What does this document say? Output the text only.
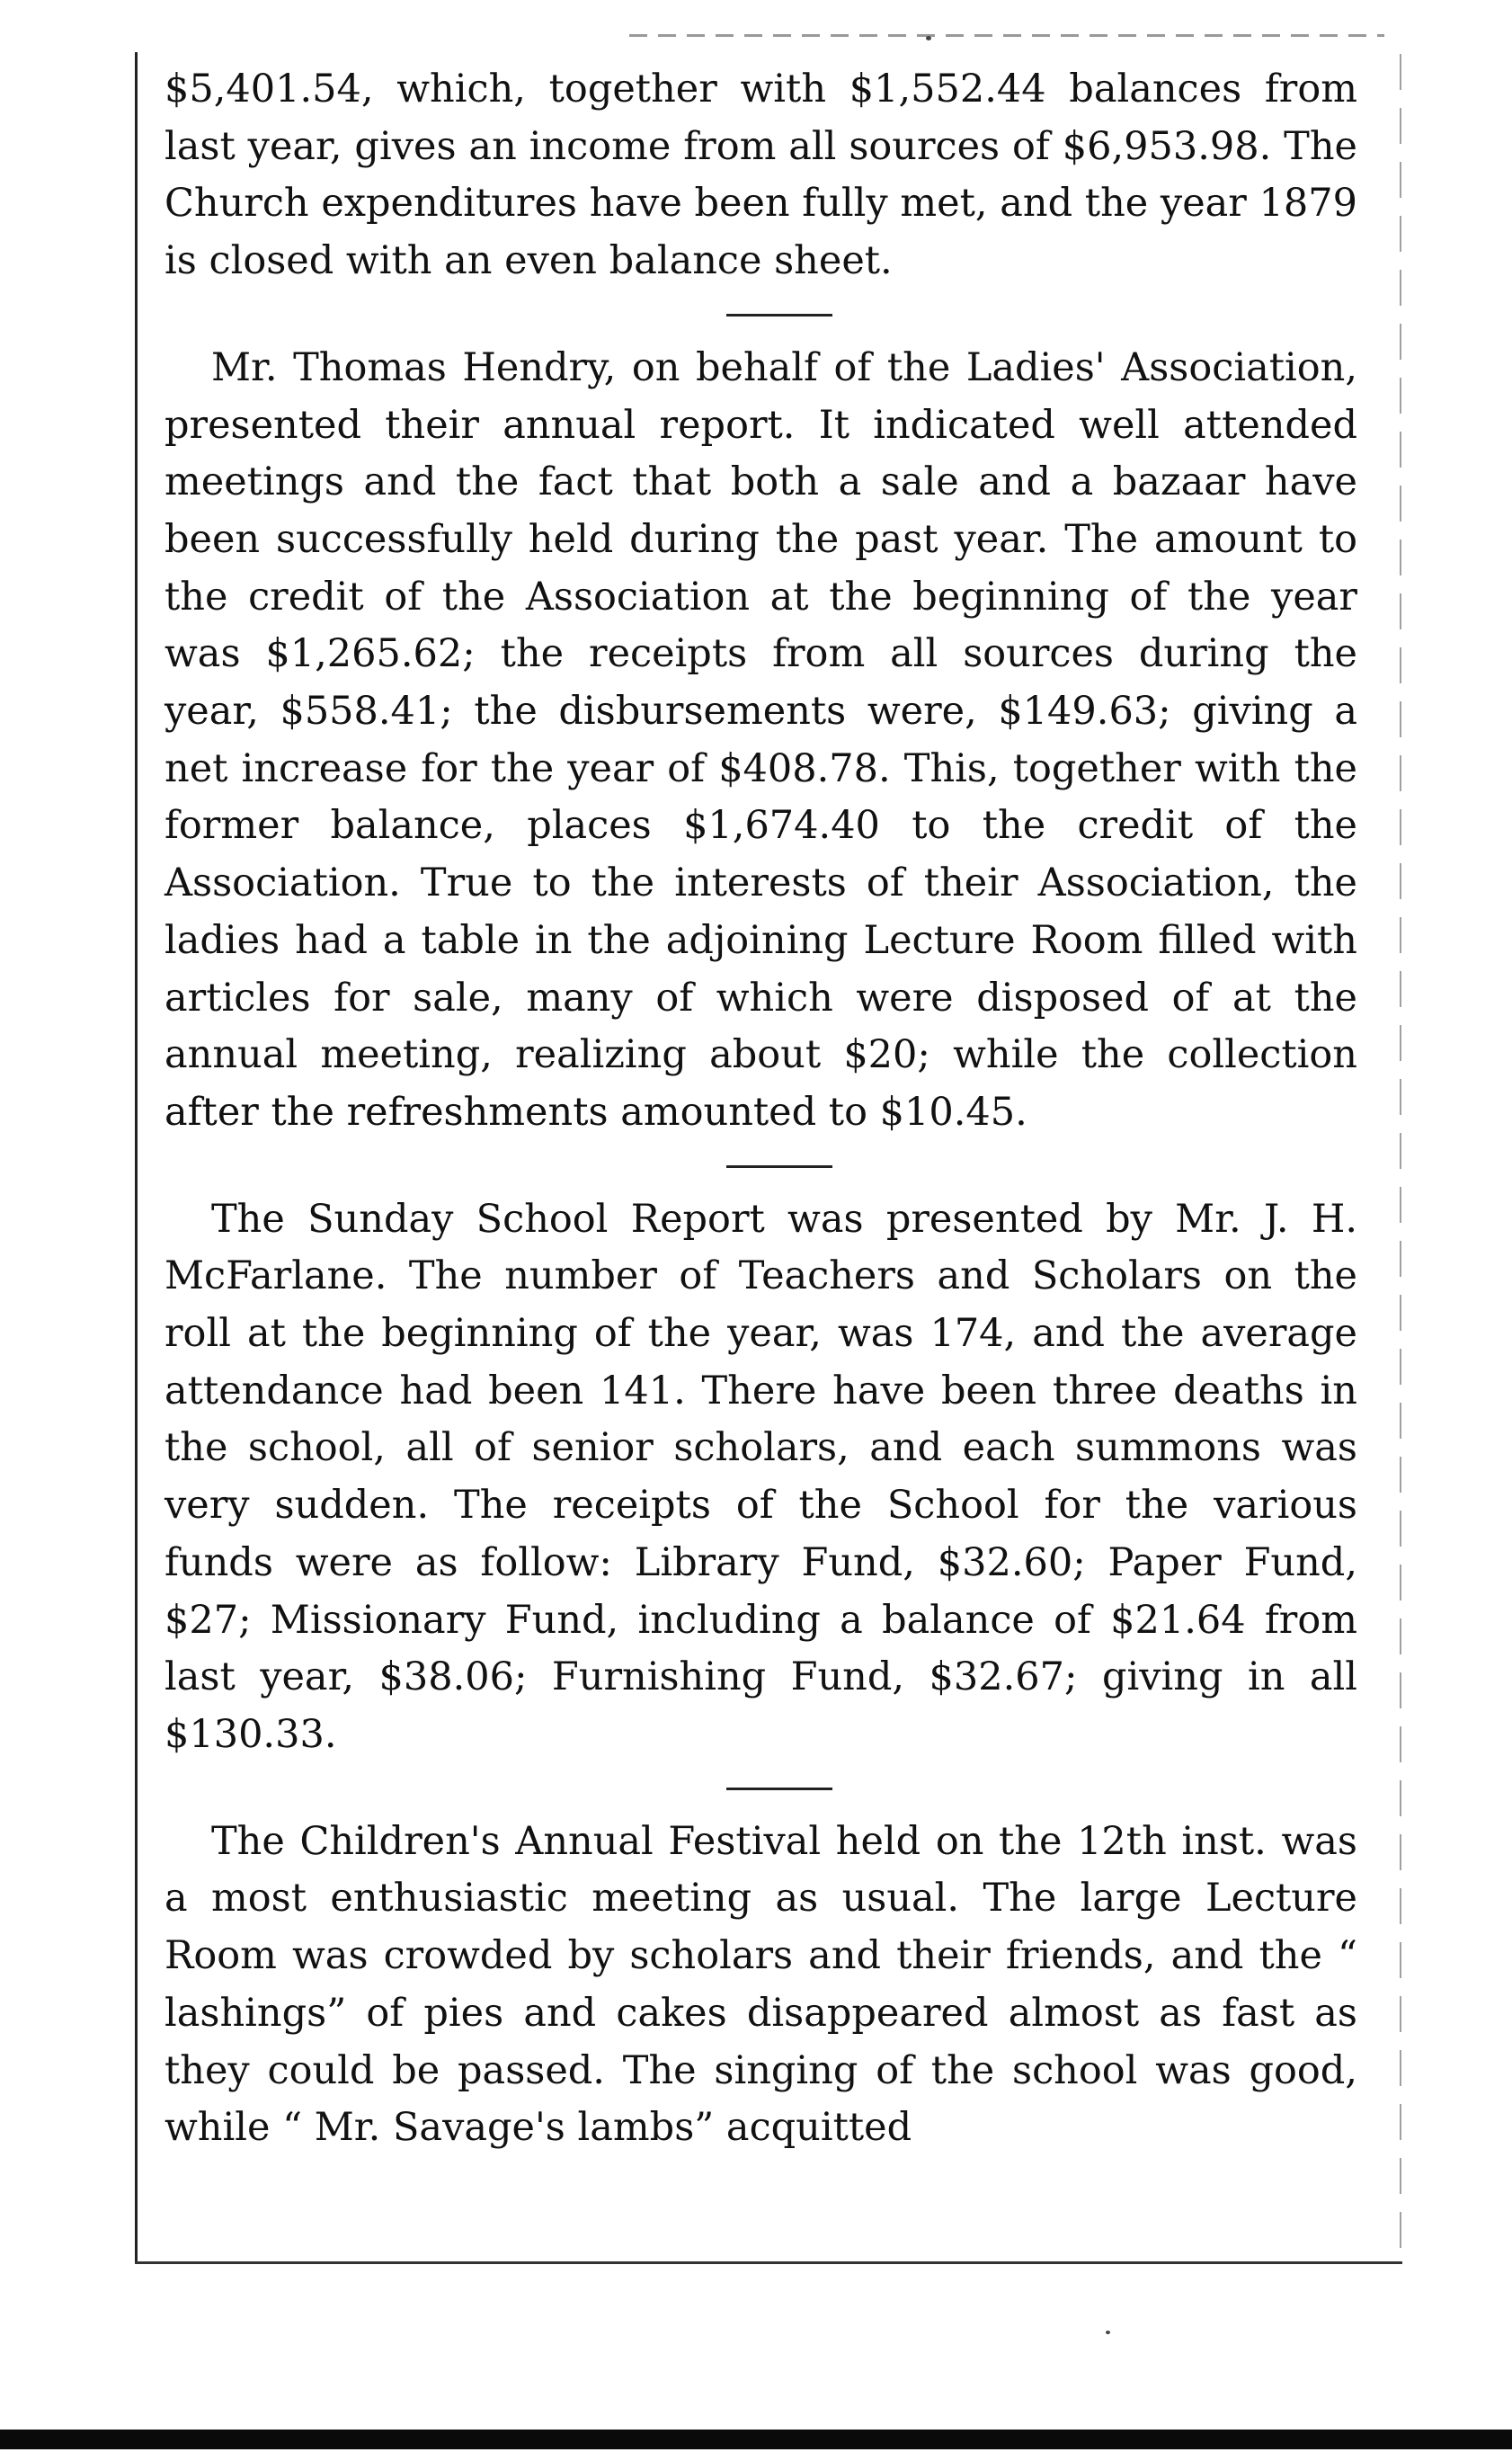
$5,401.54, which, together with $1,552.44 balances from last year, gives an income from all sources of $6,953.98. The Church expenditures have been fully met, and the year 1879 is closed with an even balance sheet.

Mr. Thomas Hendry, on behalf of the Ladies' Association, presented their annual report. It indicated well attended meetings and the fact that both a sale and a bazaar have been successfully held during the past year. The amount to the credit of the Association at the beginning of the year was $1,265.62; the receipts from all sources during the year, $558.41; the disbursements were, $149.63; giving a net increase for the year of $408.78. This, together with the former balance, places $1,674.40 to the credit of the Association. True to the interests of their Association, the ladies had a table in the adjoining Lecture Room filled with articles for sale, many of which were disposed of at the annual meeting, realizing about $20; while the collection after the refreshments amounted to $10.45.

The Sunday School Report was presented by Mr. J. H. McFarlane. The number of Teachers and Scholars on the roll at the beginning of the year, was 174, and the average attendance had been 141. There have been three deaths in the school, all of senior scholars, and each summons was very sudden. The receipts of the School for the various funds were as follow: Library Fund, $32.60; Paper Fund, $27; Missionary Fund, including a balance of $21.64 from last year, $38.06; Furnishing Fund, $32.67; giving in all $130.33.

The Children's Annual Festival held on the 12th inst. was a most enthusiastic meeting as usual. The large Lecture Room was crowded by scholars and their friends, and the “ lashings” of pies and cakes disappeared almost as fast as they could be passed. The singing of the school was good, while “ Mr. Savage's lambs” acquitted
